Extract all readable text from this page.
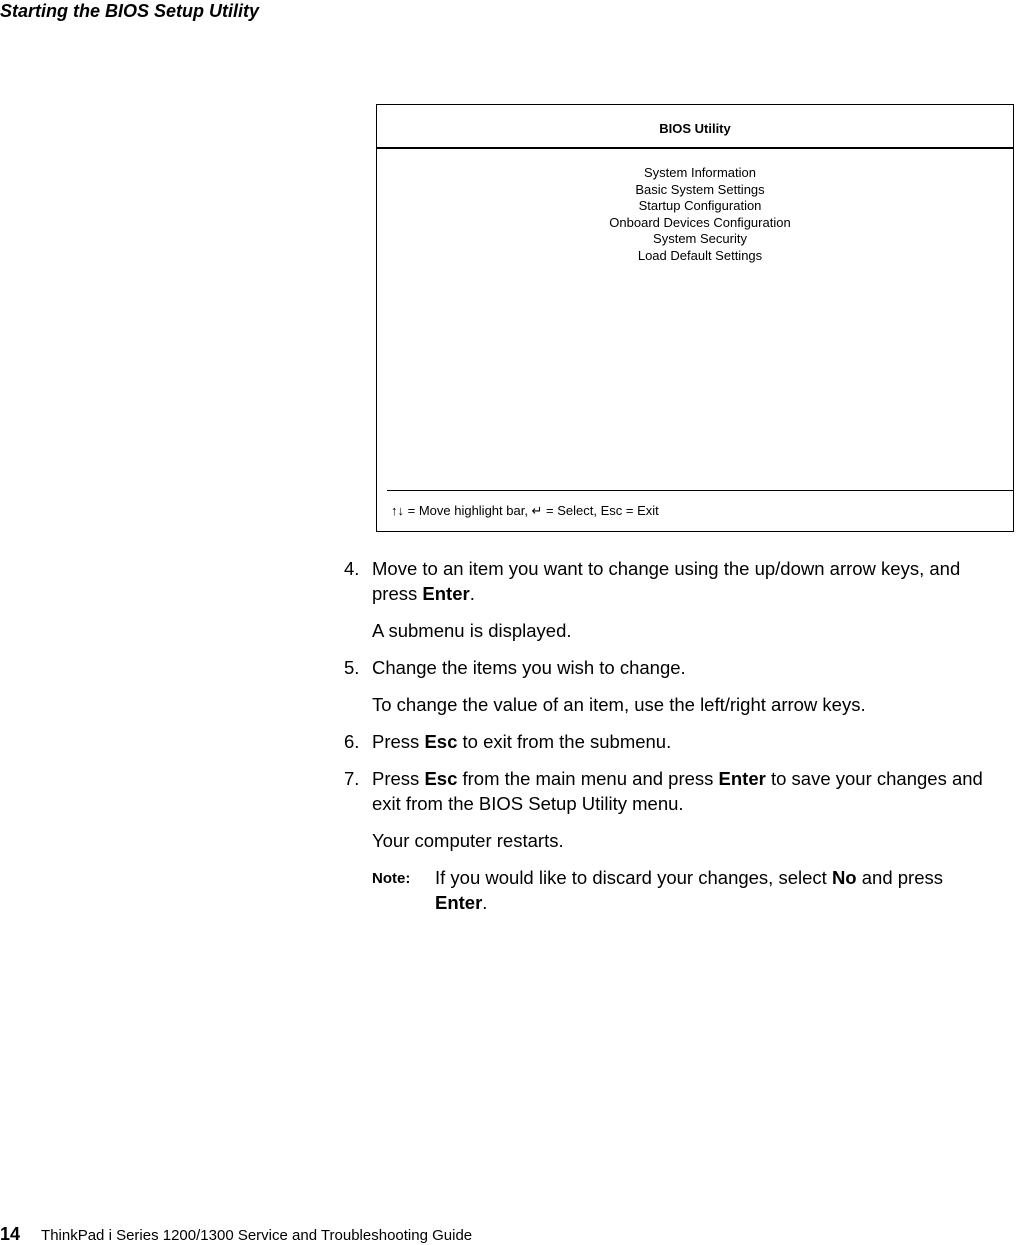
Starting the BIOS Setup Utility
BIOS Utility
System Information
Basic System Settings
Startup Configuration
Onboard Devices Configuration
System Security
Load Default Settings
↑↓ = Move highlight bar, ↵ = Select, Esc = Exit

4. Move to an item you want to change using the up/down arrow keys, and press Enter.

A submenu is displayed.

5. Change the items you wish to change.

To change the value of an item, use the left/right arrow keys.

6. Press Esc to exit from the submenu.

7. Press Esc from the main menu and press Enter to save your changes and exit from the BIOS Setup Utility menu.

Your computer restarts.

Note: If you would like to discard your changes, select No and press Enter.

14 ThinkPad i Series 1200/1300 Service and Troubleshooting Guide
